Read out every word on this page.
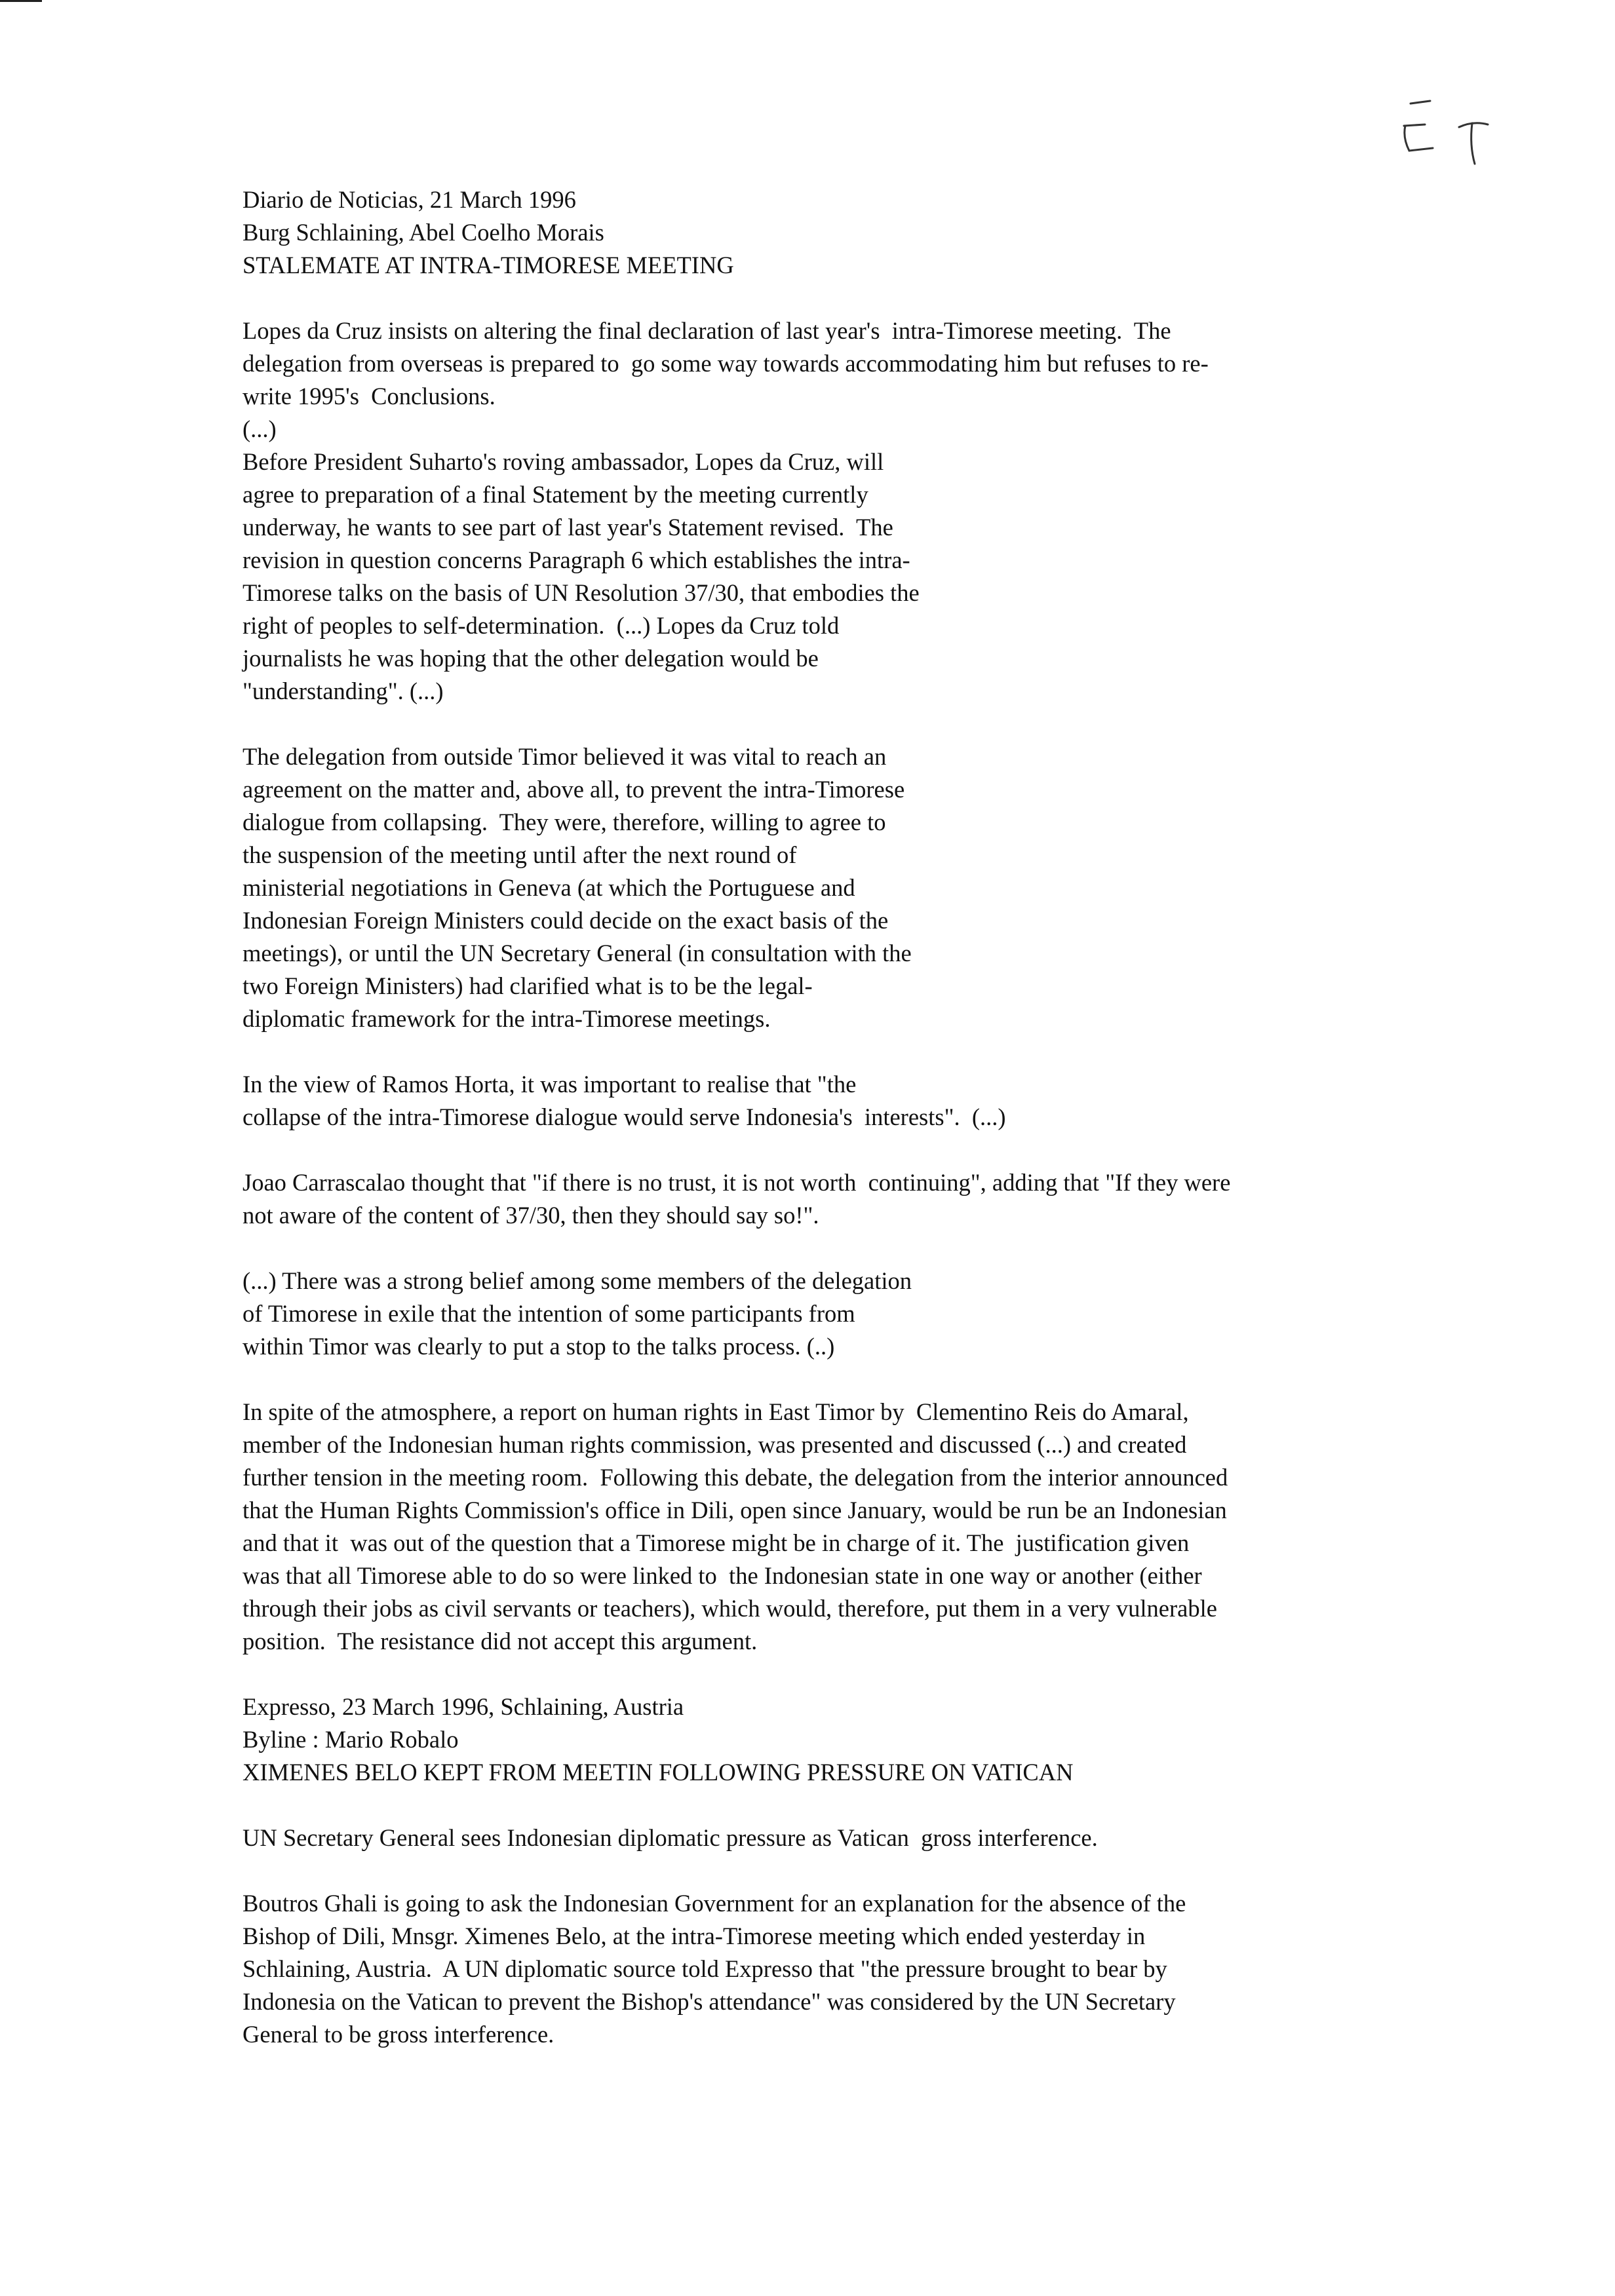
Diario de Noticias, 21 March 1996
Burg Schlaining, Abel Coelho Morais
STALEMATE AT INTRA-TIMORESE MEETING
Lopes da Cruz insists on altering the final declaration of last year's  intra-Timorese meeting.  The
delegation from overseas is prepared to  go some way towards accommodating him but refuses to re-
write 1995's  Conclusions.
(...)
Before President Suharto's roving ambassador, Lopes da Cruz, will
agree to preparation of a final Statement by the meeting currently
underway, he wants to see part of last year's Statement revised.  The
revision in question concerns Paragraph 6 which establishes the intra-
Timorese talks on the basis of UN Resolution 37/30, that embodies the
right of peoples to self-determination.  (...) Lopes da Cruz told
journalists he was hoping that the other delegation would be
"understanding". (...)
The delegation from outside Timor believed it was vital to reach an
agreement on the matter and, above all, to prevent the intra-Timorese
dialogue from collapsing.  They were, therefore, willing to agree to
the suspension of the meeting until after the next round of
ministerial negotiations in Geneva (at which the Portuguese and
Indonesian Foreign Ministers could decide on the exact basis of the
meetings), or until the UN Secretary General (in consultation with the
two Foreign Ministers) had clarified what is to be the legal-
diplomatic framework for the intra-Timorese meetings.
In the view of Ramos Horta, it was important to realise that "the
collapse of the intra-Timorese dialogue would serve Indonesia's  interests".  (...)
Joao Carrascalao thought that "if there is no trust, it is not worth  continuing", adding that "If they were
not aware of the content of 37/30, then they should say so!".
(...) There was a strong belief among some members of the delegation
of Timorese in exile that the intention of some participants from
within Timor was clearly to put a stop to the talks process. (..)
In spite of the atmosphere, a report on human rights in East Timor by  Clementino Reis do Amaral,
member of the Indonesian human rights commission, was presented and discussed (...) and created
further tension in the meeting room.  Following this debate, the delegation from the interior announced
that the Human Rights Commission's office in Dili, open since January, would be run be an Indonesian
and that it  was out of the question that a Timorese might be in charge of it. The  justification given
was that all Timorese able to do so were linked to  the Indonesian state in one way or another (either
through their jobs as civil servants or teachers), which would, therefore, put them in a very vulnerable
position.  The resistance did not accept this argument.
Expresso, 23 March 1996, Schlaining, Austria
Byline : Mario Robalo
XIMENES BELO KEPT FROM MEETIN FOLLOWING PRESSURE ON VATICAN
UN Secretary General sees Indonesian diplomatic pressure as Vatican  gross interference.
Boutros Ghali is going to ask the Indonesian Government for an explanation for the absence of the
Bishop of Dili, Mnsgr. Ximenes Belo, at the intra-Timorese meeting which ended yesterday in
Schlaining, Austria.  A UN diplomatic source told Expresso that "the pressure brought to bear by
Indonesia on the Vatican to prevent the Bishop's attendance" was considered by the UN Secretary
General to be gross interference.
